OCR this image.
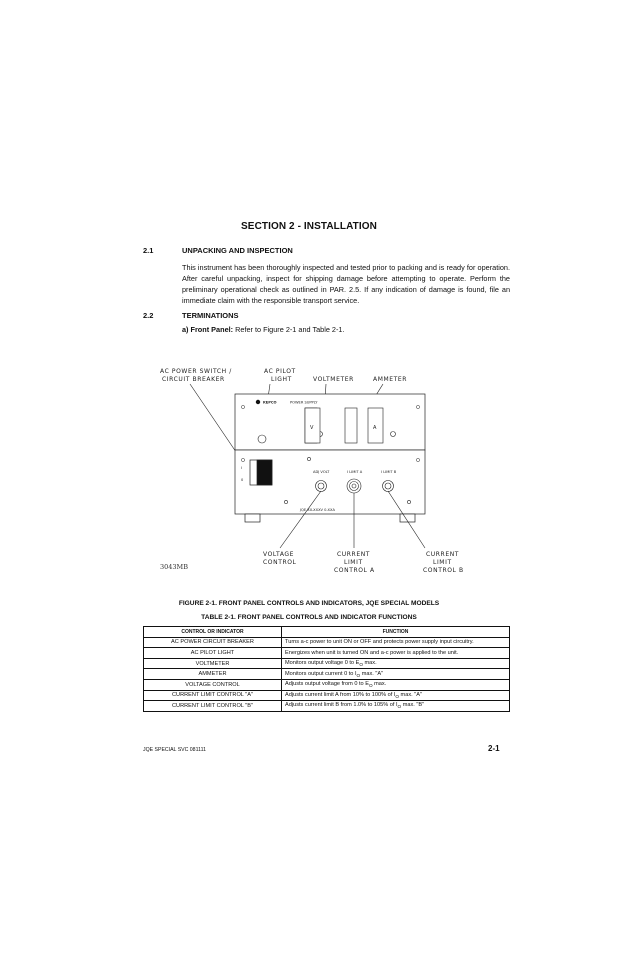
SECTION 2 - INSTALLATION
2.1	UNPACKING AND INSPECTION
This instrument has been thoroughly inspected and tested prior to packing and is ready for operation. After careful unpacking, inspect for shipping damage before attempting to operate. Perform the preliminary operational check as outlined in PAR. 2.5. If any indication of damage is found, file an immediate claim with the responsible transport service.
2.2	TERMINATIONS
a) Front Panel: Refer to Figure 2-1 and Table 2-1.
AC POWER SWITCH /
CIRCUIT BREAKER
AC PILOT
LIGHT	VOLTMETER	AMMETER
KEPCO	POWER SUPPLY
V	A
I
0
ADJ VOLT	I LIMIT A	I LIMIT B
JQE XX-XXXV 0-XXA
VOLTAGE
CONTROL
CURRENT
LIMIT
CONTROL A
CURRENT
LIMIT
CONTROL B
3043MB
FIGURE 2-1. FRONT PANEL CONTROLS AND INDICATORS, JQE SPECIAL MODELS
TABLE 2-1. FRONT PANEL CONTROLS AND INDICATOR FUNCTIONS
CONTROL OR INDICATOR	FUNCTION
AC POWER CIRCUIT BREAKER	Turns a-c power to unit ON or OFF and protects power supply input circuitry.
AC PILOT LIGHT	Energizes when unit is turned ON and a-c power is applied to the unit.
VOLTMETER	Monitors output voltage 0 to $E_O$ max.
AMMETER	Monitors output current 0 to $I_O$ max. "A"
VOLTAGE CONTROL	Adjusts output voltage from 0 to $E_O$ max.
CURRENT LIMIT CONTROL "A"	Adjusts current limit A from 10% to 100% of $I_O$ max. "A"
CURRENT LIMIT CONTROL "B"	Adjusts current limit B from 1.0% to 105% of $I_O$ max. "B"
JQE SPECIAL SVC 081111	2-1
